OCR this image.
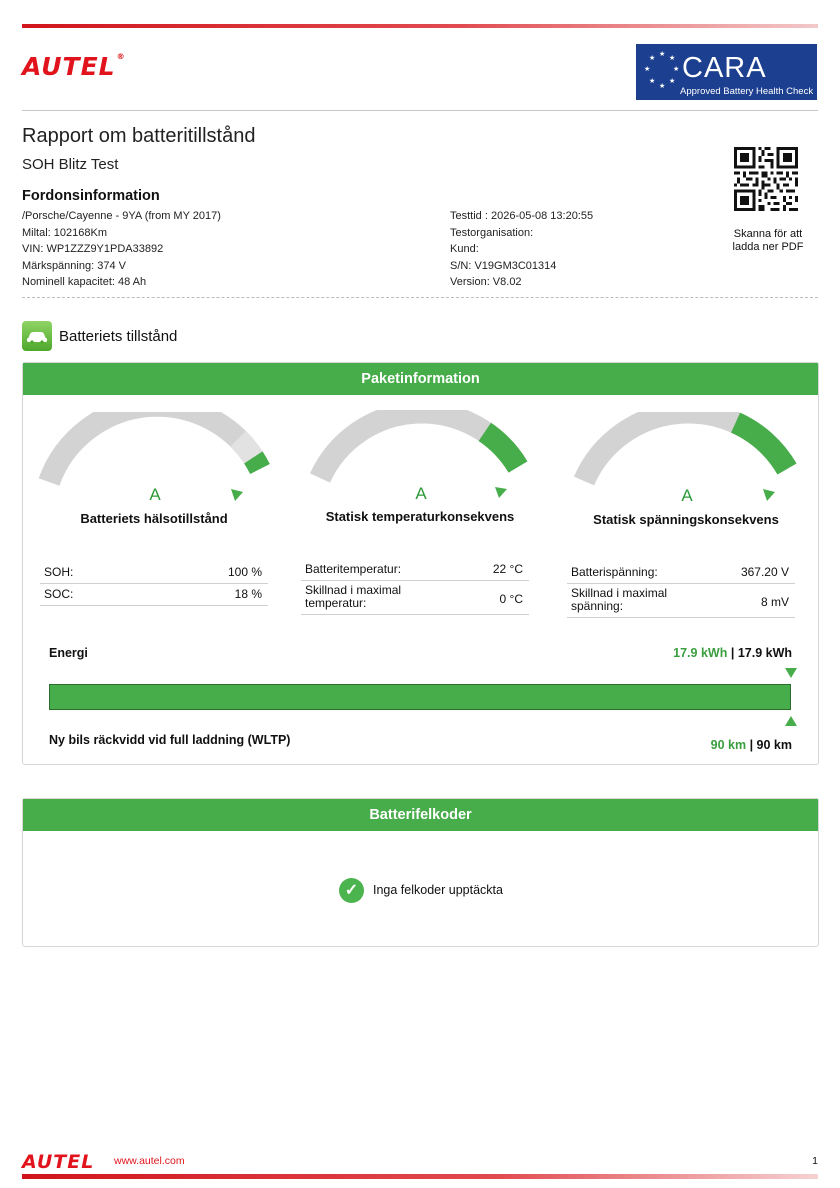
AUTEL®	★
★
★
★
★
★
★
★ CARA
Approved Battery Health Check
Rapport om batteritillstånd
SOH Blitz Test
Fordonsinformation
/Porsche/Cayenne - 9YA (from MY 2017)
Miltal: 102168Km
VIN: WP1ZZZ9Y1PDA33892
Märkspänning: 374 V
Nominell kapacitet: 48 Ah
Testtid : 2026-05-08 13:20:55
Testorganisation:
Kund:
S/N: V19GM3C01314
Version: V8.02
Skanna för att ladda ner PDF
Batteriets tillstånd
Paketinformation
A
Batteriets hälsotillstånd
A
Statisk temperaturkonsekvens
A
Statisk spänningskonsekvens
SOH:	100 %
SOC:	18 %
Batteritemperatur:	22 °C
Skillnad i maximal temperatur:	0 °C
Batterispänning:	367.20 V
Skillnad i maximal spänning:	8 mV
Energi	17.9 kWh | 17.9 kWh
Ny bils räckvidd vid full laddning (WLTP)	90 km | 90 km
Batterifelkoder
✓	Inga felkoder upptäckta
AUTEL www.autel.com	1
